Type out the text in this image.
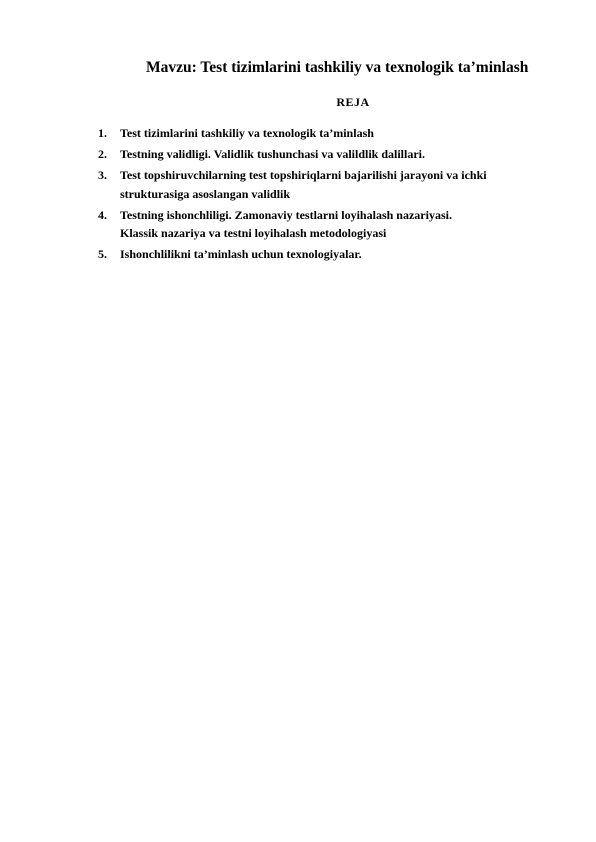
Mavzu: Test tizimlarini tashkiliy va texnologik ta’minlash
REJA
1. Test tizimlarini tashkiliy va texnologik ta’minlash
2. Testning validligi. Validlik tushunchasi va valildlik dalillari.
3. Test topshiruvchilarning test topshiriqlarni bajarilishi jarayoni va ichki
strukturasiga asoslangan validlik
4. Testning ishonchliligi. Zamonaviy testlarni loyihalash nazariyasi.
Klassik nazariya va testni loyihalash metodologiyasi
5. Ishonchlilikni ta’minlash uchun texnologiyalar.
